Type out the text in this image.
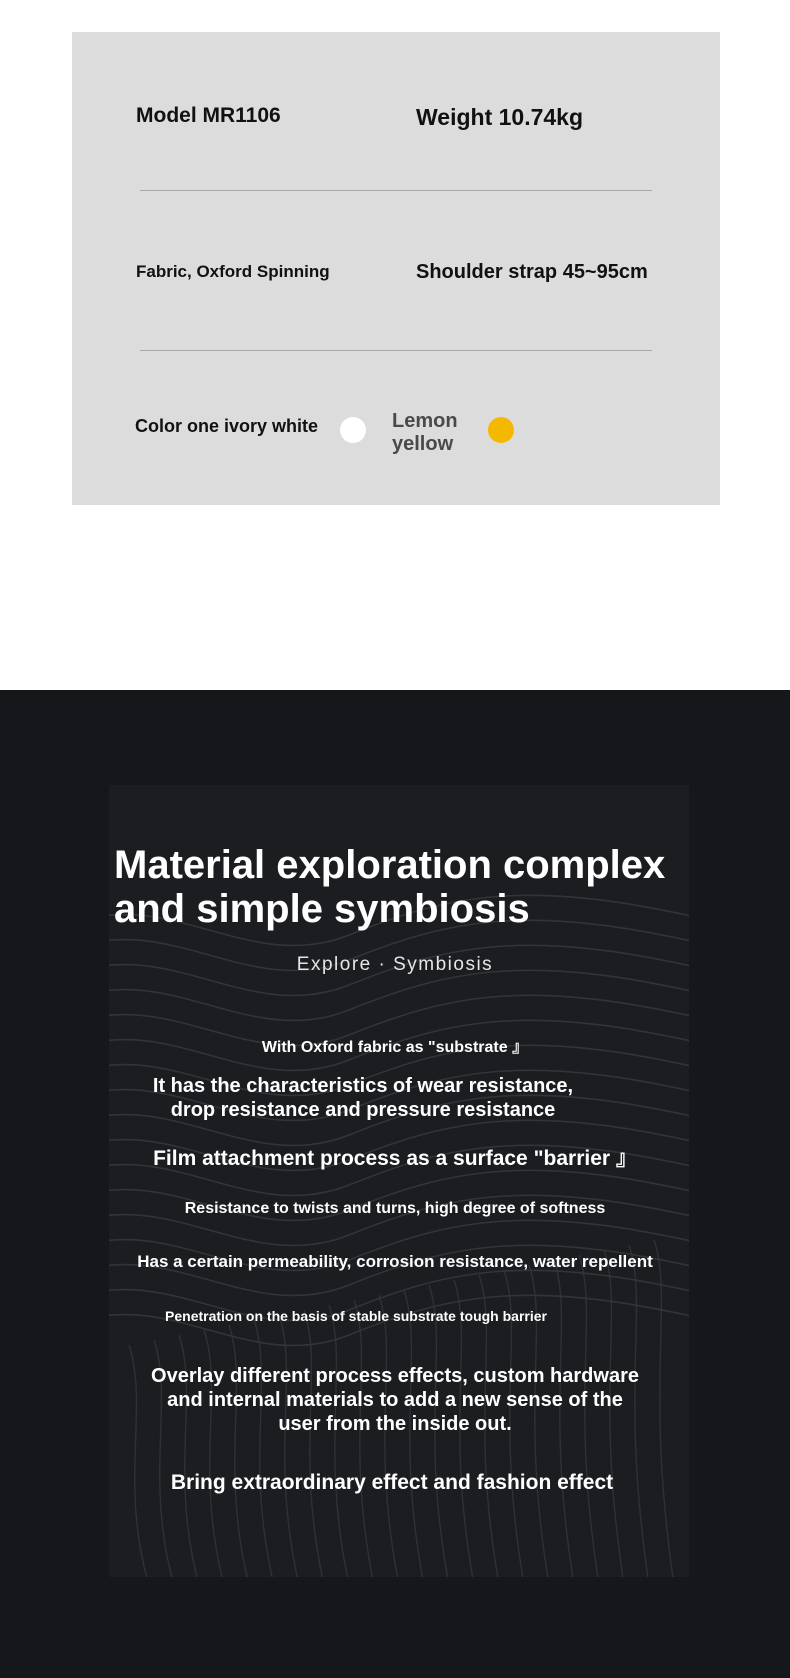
Model MR1106	Weight 10.74kg
Fabric, Oxford Spinning	Shoulder strap 45~95cm
Color one ivory white	Lemon
yellow
Material exploration complex
and simple symbiosis
Explore · Symbiosis
With Oxford fabric as "substrate 』
It has the characteristics of wear resistance,
drop resistance and pressure resistance
Film attachment process as a surface "barrier 』
Resistance to twists and turns, high degree of softness
Has a certain permeability, corrosion resistance, water repellent
Penetration on the basis of stable substrate tough barrier
Overlay different process effects, custom hardware
and internal materials to add a new sense of the
user from the inside out.
Bring extraordinary effect and fashion effect
